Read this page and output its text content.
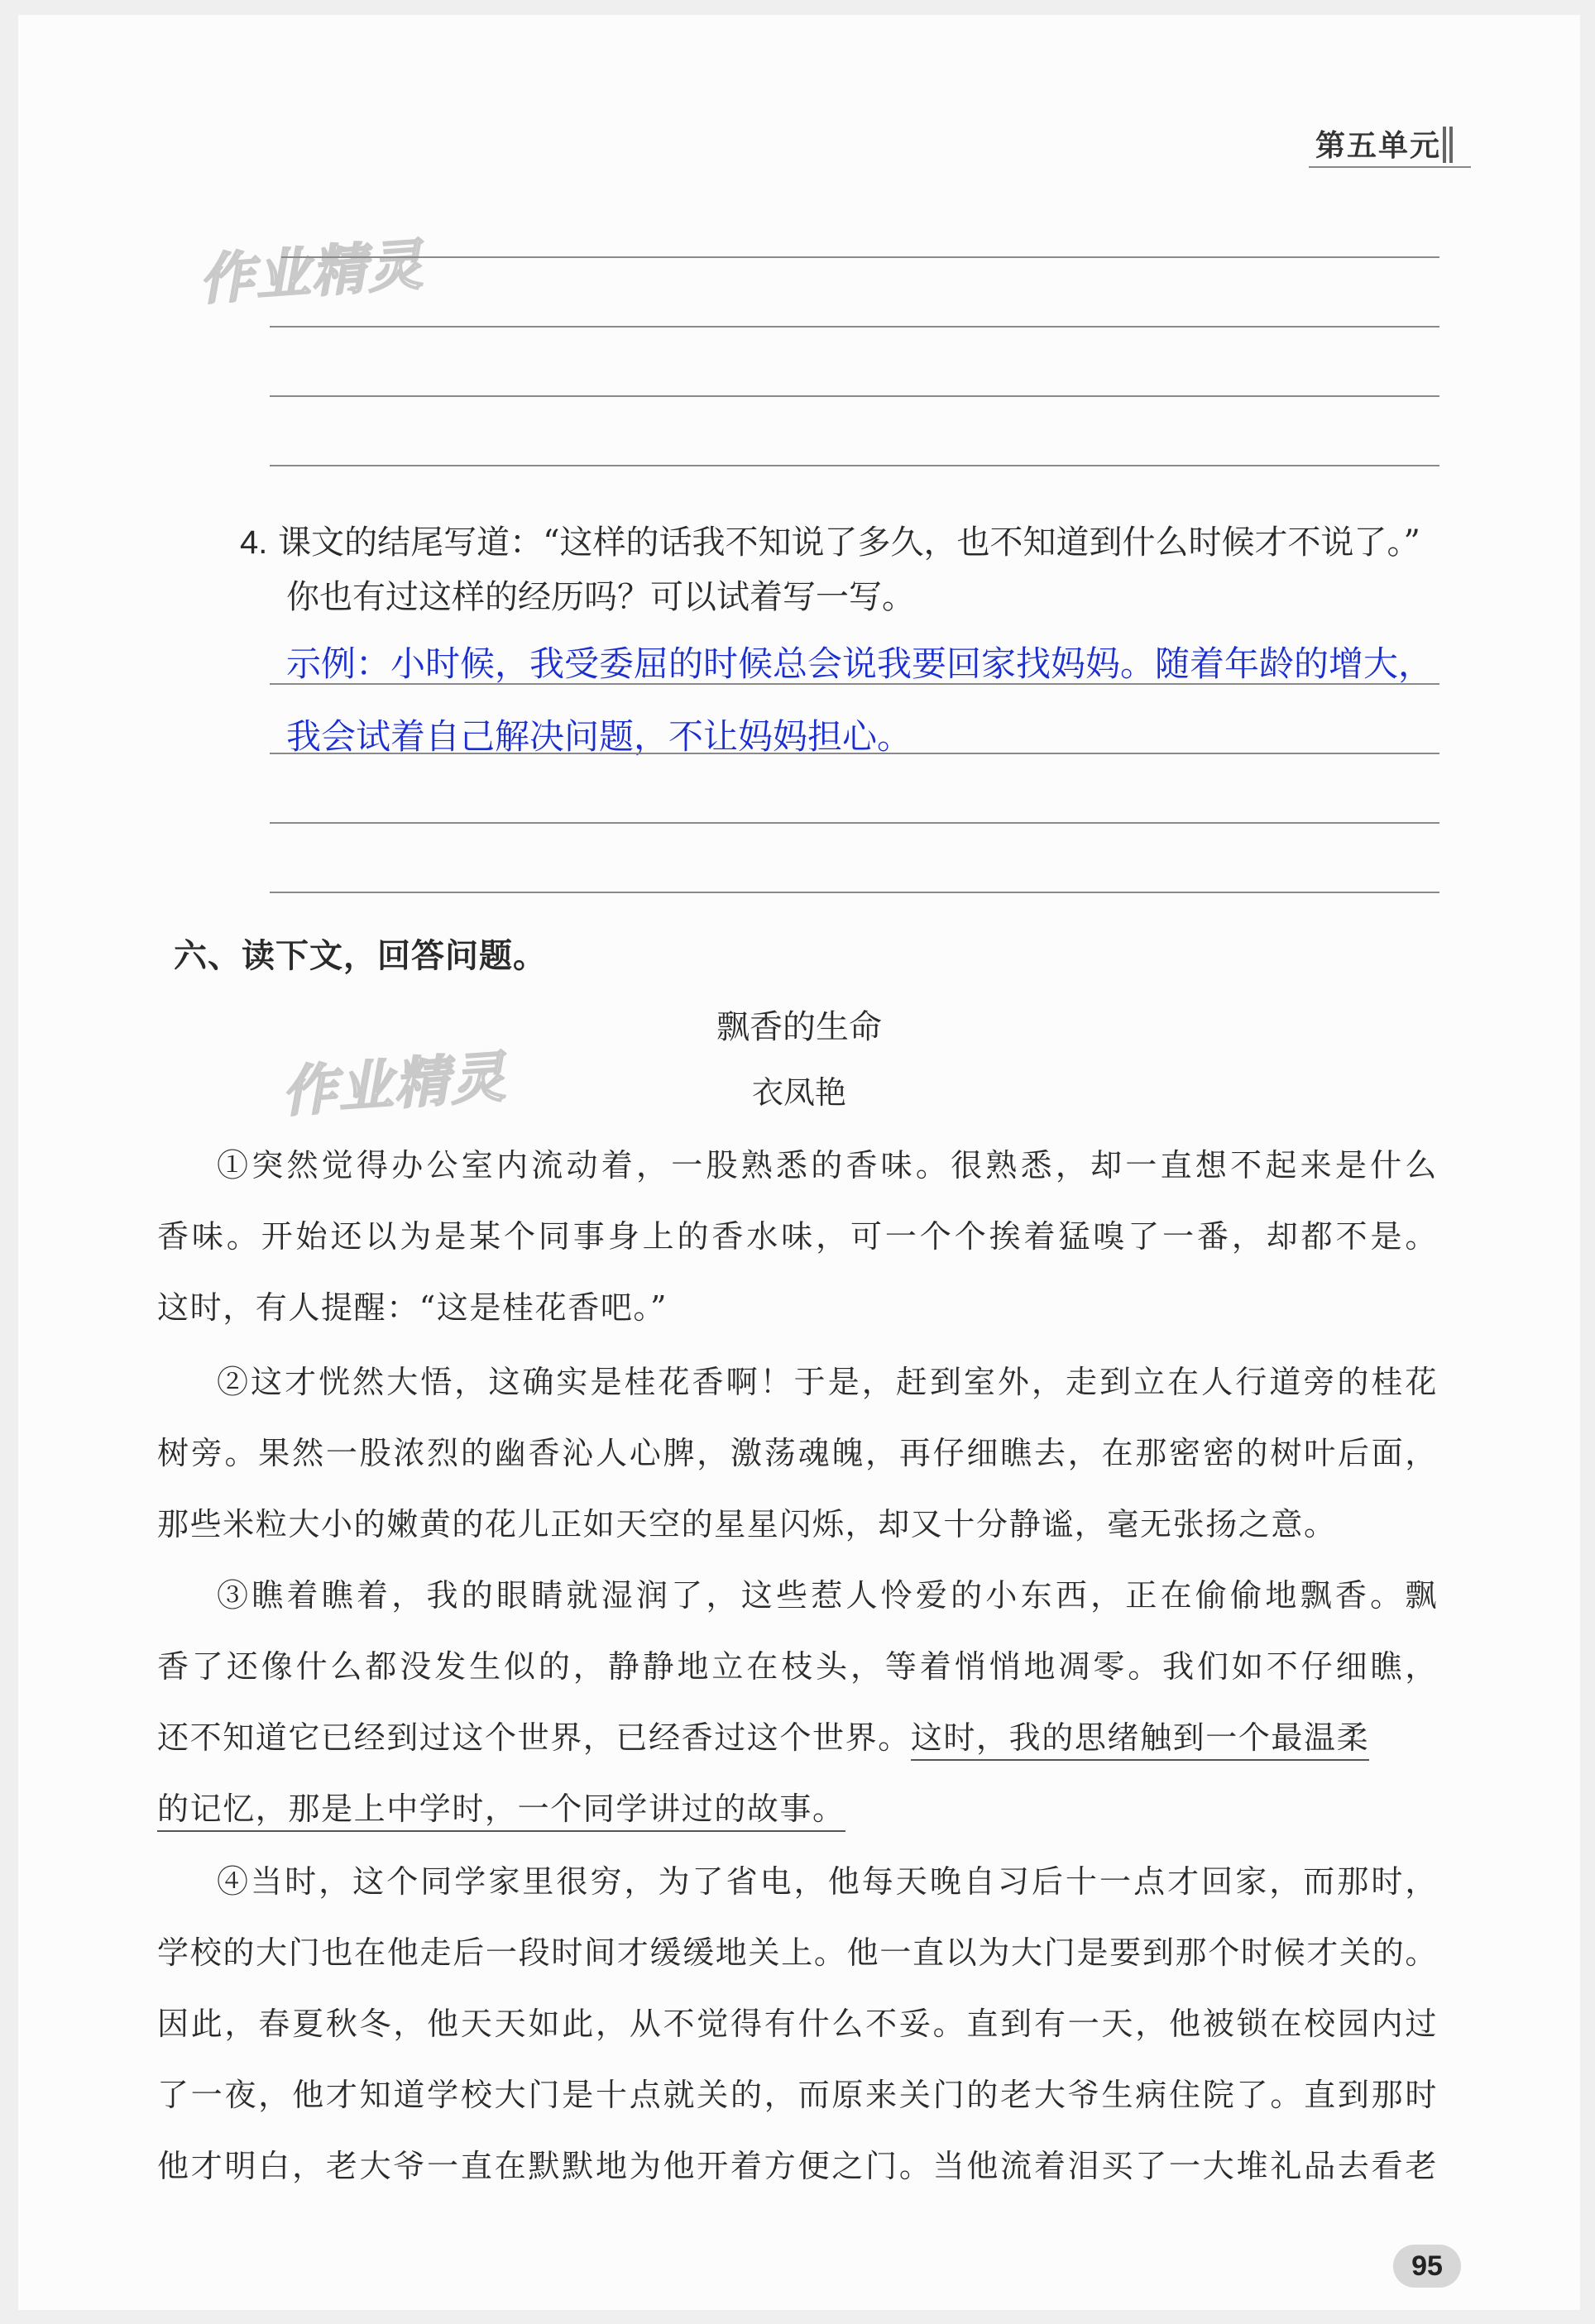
第五单元
作业精灵
4. 课文的结尾写道：“这样的话我不知说了多久，也不知道到什么时候才不说了。”
你也有过这样的经历吗？可以试着写一写。
示例：小时候，我受委屈的时候总会说我要回家找妈妈。随着年龄的增大，
我会试着自己解决问题，不让妈妈担心。
六、读下文，回答问题。
飘香的生命
作业精灵	衣凤艳
①突然觉得办公室内流动着，一股熟悉的香味。很熟悉，却一直想不起来是什么
香味。开始还以为是某个同事身上的香水味，可一个个挨着猛嗅了一番，却都不是。
这时，有人提醒：“这是桂花香吧。”
②这才恍然大悟，这确实是桂花香啊！于是，赶到室外，走到立在人行道旁的桂花
树旁。果然一股浓烈的幽香沁人心脾，激荡魂魄，再仔细瞧去，在那密密的树叶后面，
那些米粒大小的嫩黄的花儿正如天空的星星闪烁，却又十分静谧，毫无张扬之意。
③瞧着瞧着，我的眼睛就湿润了，这些惹人怜爱的小东西，正在偷偷地飘香。飘
香了还像什么都没发生似的，静静地立在枝头，等着悄悄地凋零。我们如不仔细瞧，
还不知道它已经到过这个世界，已经香过这个世界。这时，我的思绪触到一个最温柔
的记忆，那是上中学时，一个同学讲过的故事。
④当时，这个同学家里很穷，为了省电，他每天晚自习后十一点才回家，而那时，
学校的大门也在他走后一段时间才缓缓地关上。他一直以为大门是要到那个时候才关的。
因此，春夏秋冬，他天天如此，从不觉得有什么不妥。直到有一天，他被锁在校园内过
了一夜，他才知道学校大门是十点就关的，而原来关门的老大爷生病住院了。直到那时
他才明白，老大爷一直在默默地为他开着方便之门。当他流着泪买了一大堆礼品去看老
95
